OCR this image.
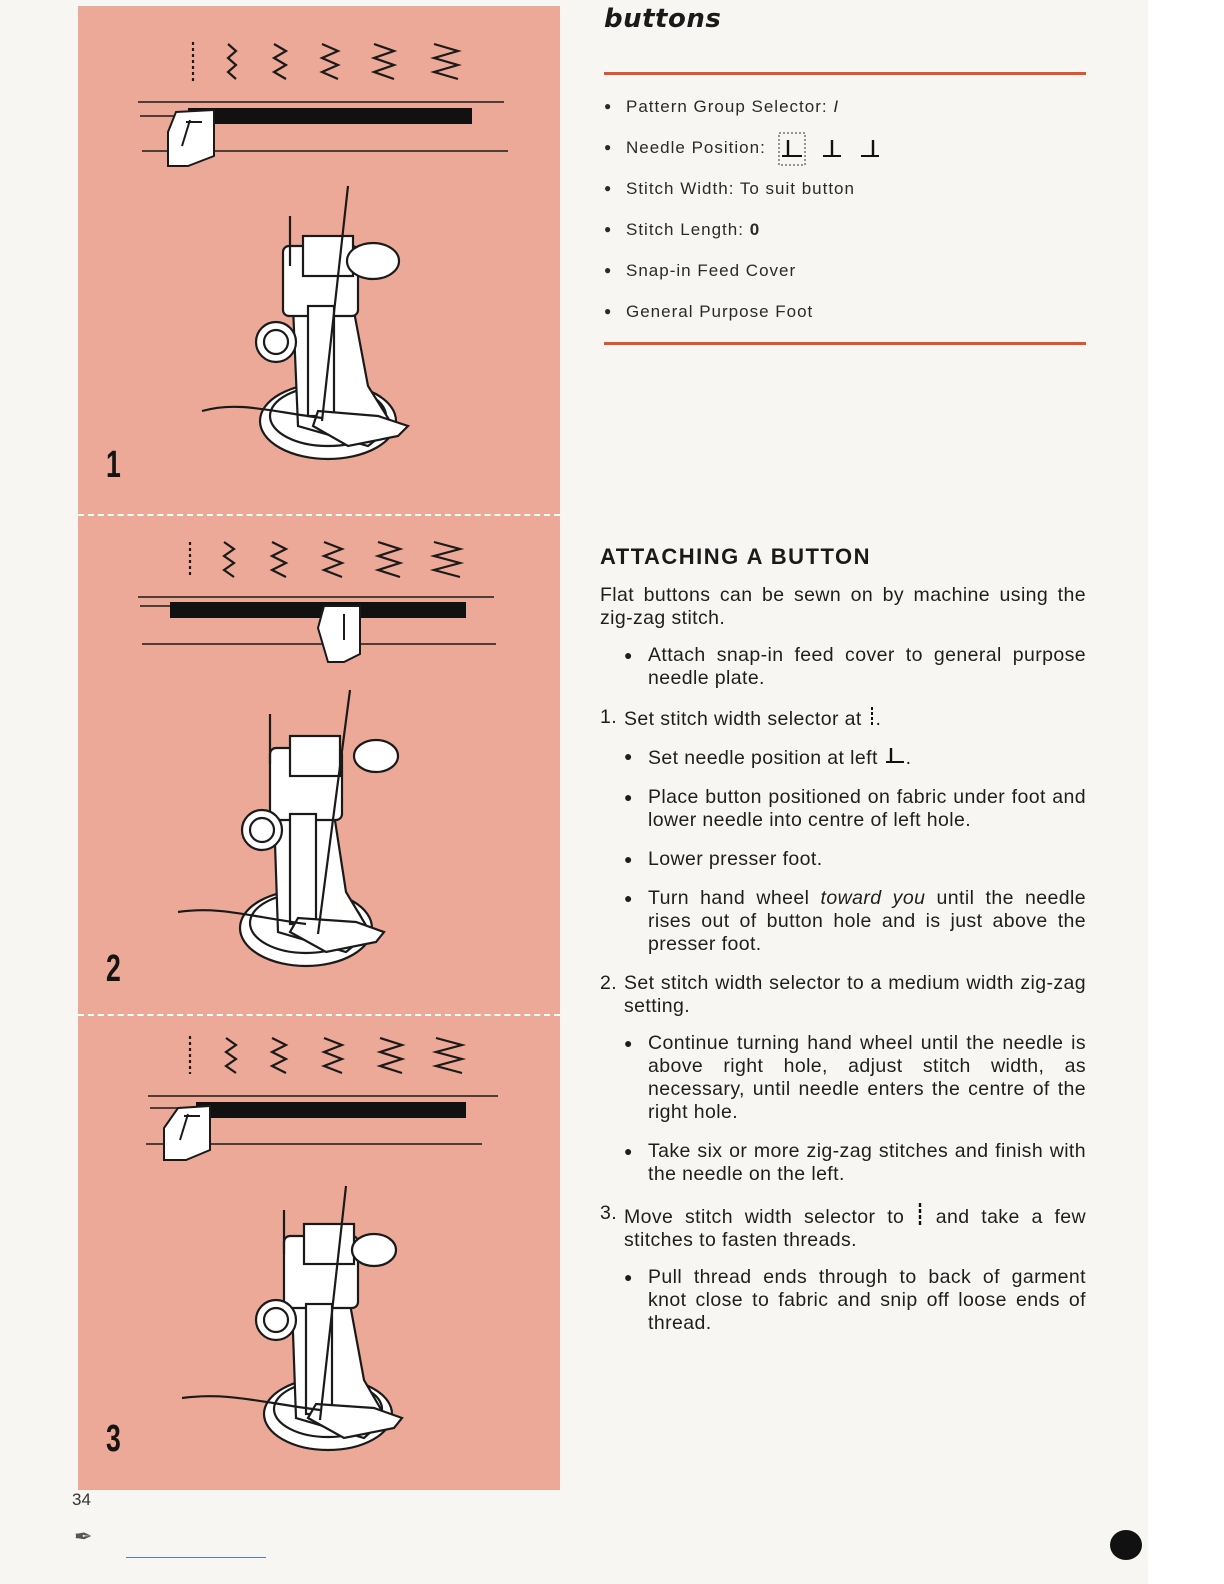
1
2
3
buttons
● Pattern Group Selector: I
● Needle Position:
● Stitch Width: To suit button
● Stitch Length: 0
● Snap-in Feed Cover
● General Purpose Foot
ATTACHING A BUTTON

Flat buttons can be sewn on by machine using the zig-zag stitch.

● Attach snap-in feed cover to general purpose needle plate.

1. Set stitch width selector at .

● Set needle position at left .

● Place button positioned on fabric under foot and lower needle into centre of left hole.

● Lower presser foot.

● Turn hand wheel toward you until the needle rises out of button hole and is just above the presser foot.

2. Set stitch width selector to a medium width zig-zag setting.

● Continue turning hand wheel until the needle is above right hole, adjust stitch width, as necessary, until needle enters the centre of the right hole.

● Take six or more zig-zag stitches and finish with the needle on the left.

3. Move stitch width selector to  and take a few stitches to fasten threads.

● Pull thread ends through to back of garment knot close to fabric and snip off loose ends of thread.

34
✒
